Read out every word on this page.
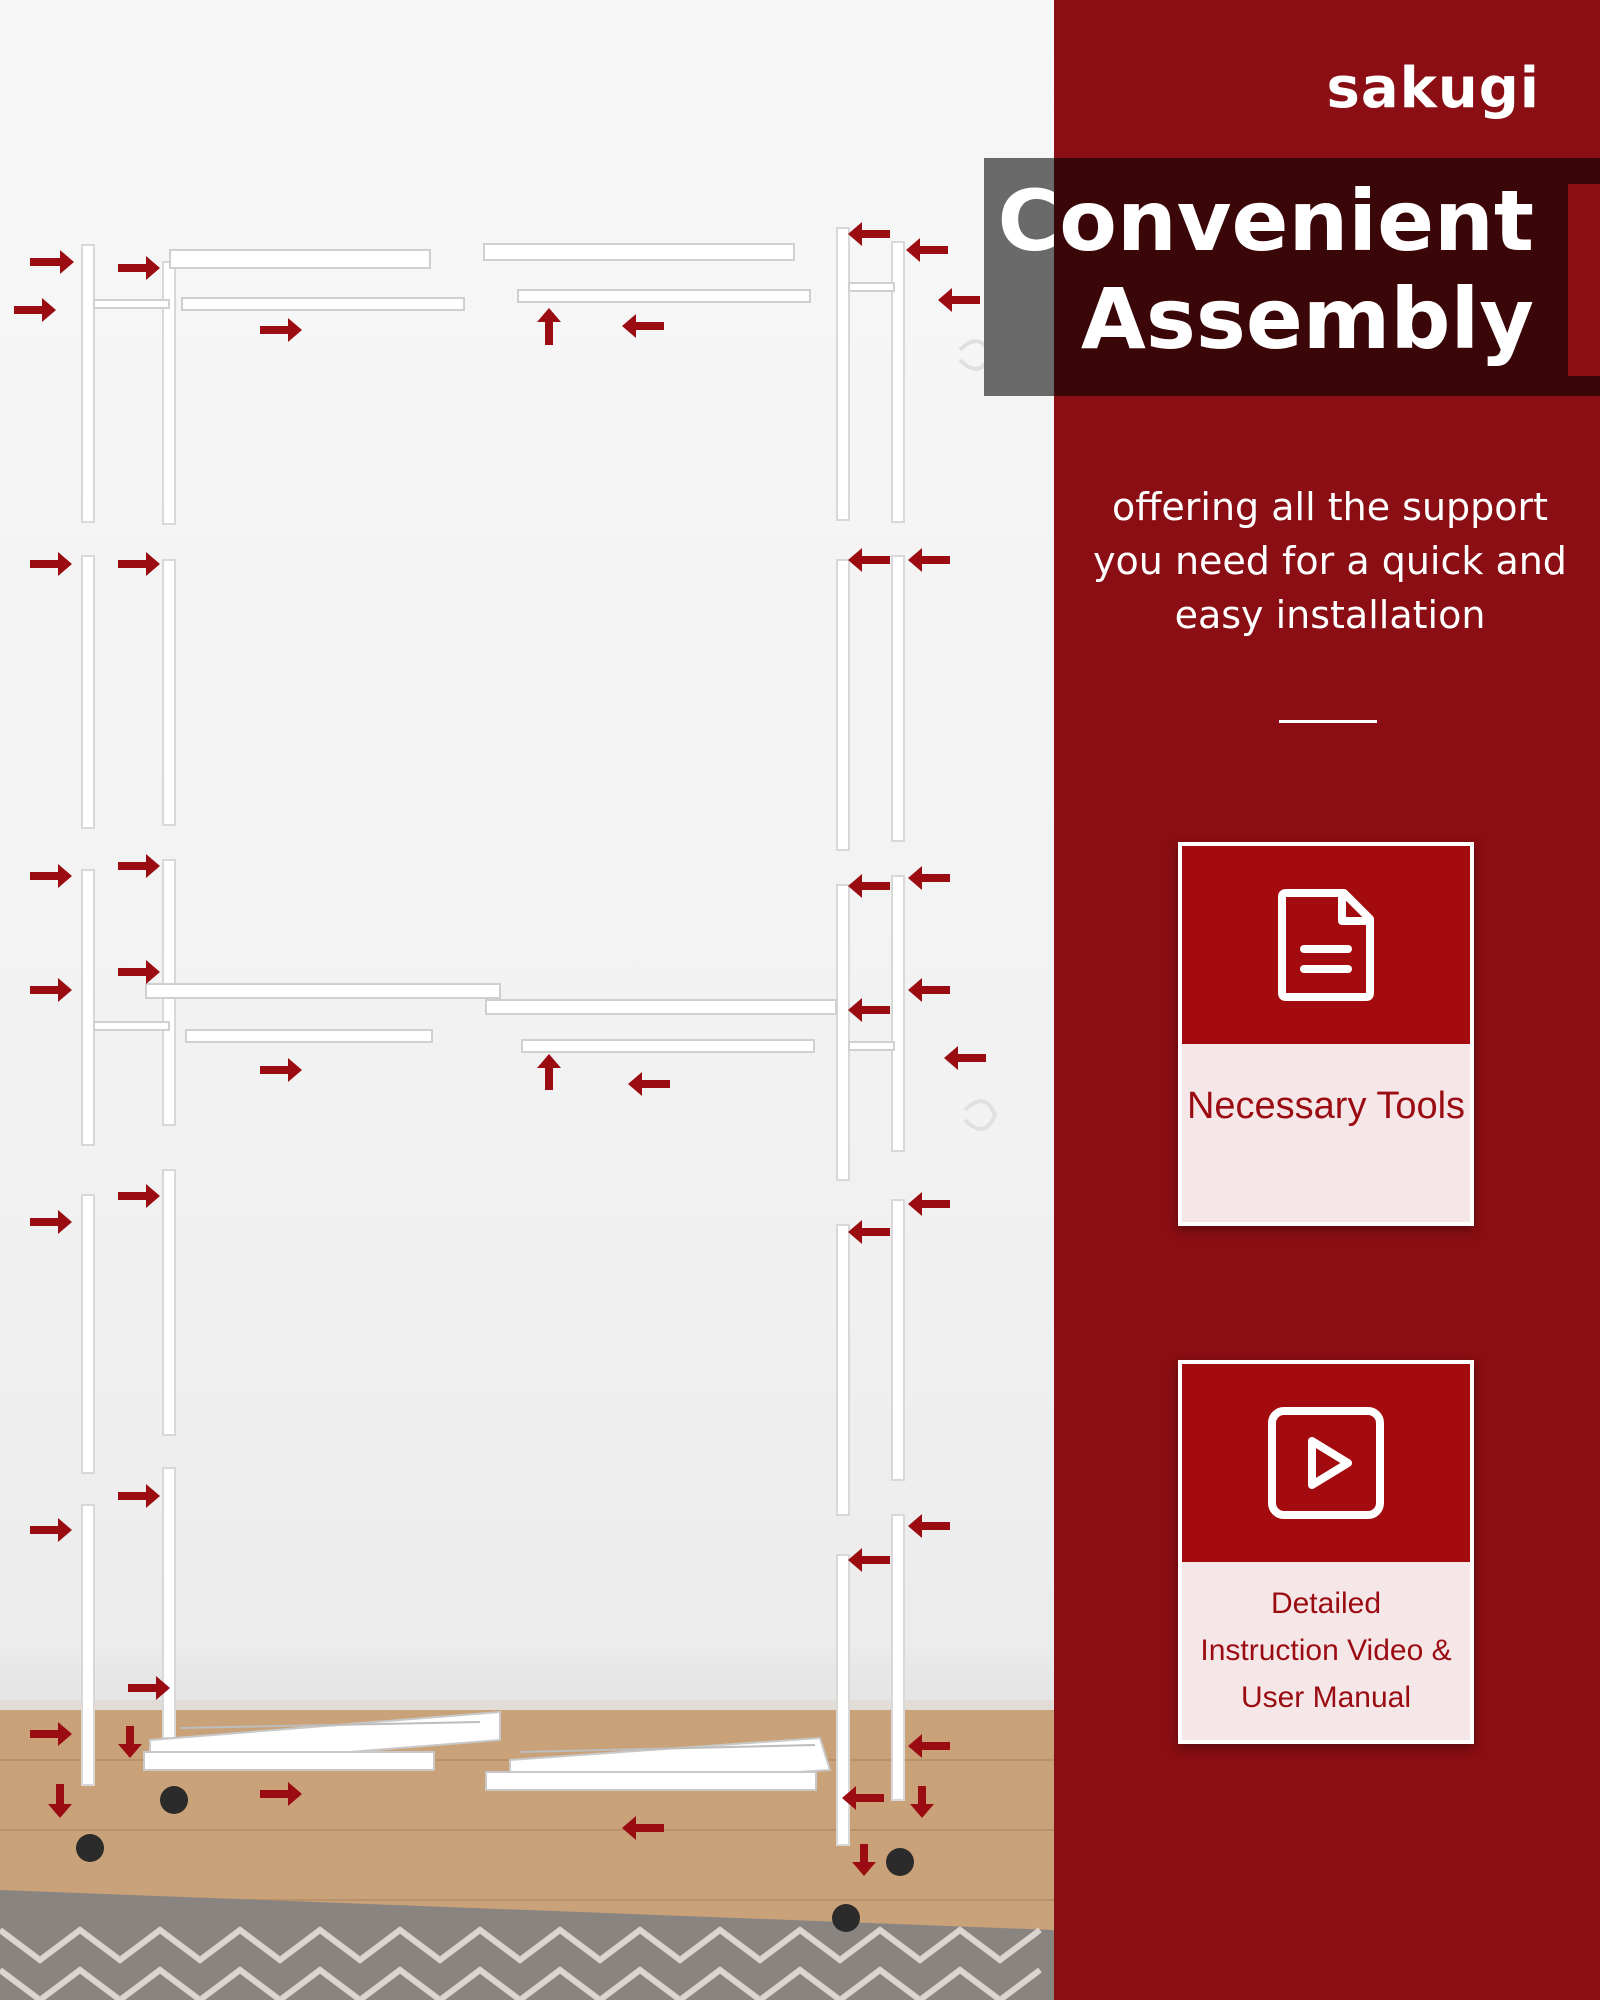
sakugi
Convenient
Assembly
offering all the support you need for a quick and easy installation
Necessary Tools
Detailed
Instruction Video &
User Manual
